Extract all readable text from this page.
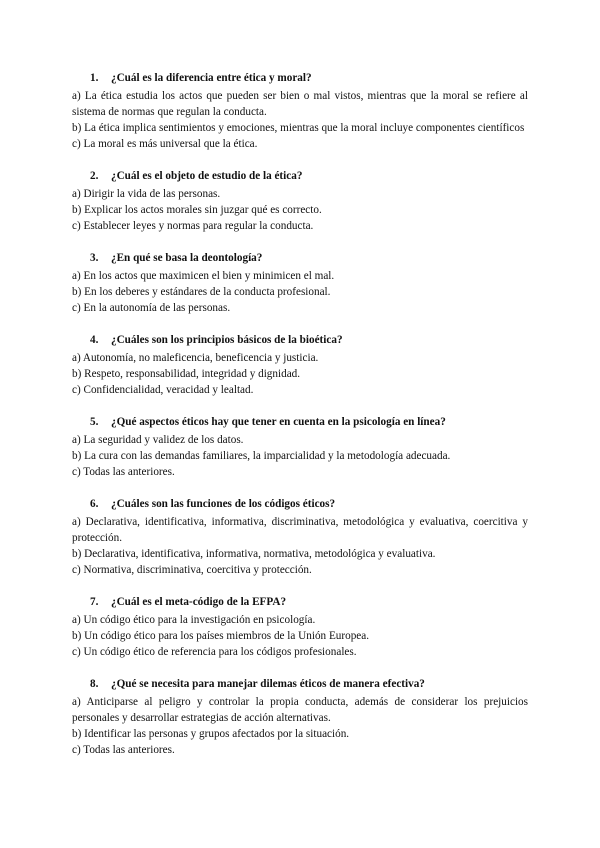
1. ¿Cuál es la diferencia entre ética y moral?
a) La ética estudia los actos que pueden ser bien o mal vistos, mientras que la moral se refiere al sistema de normas que regulan la conducta.
b) La ética implica sentimientos y emociones, mientras que la moral incluye componentes científicos
c) La moral es más universal que la ética.
2. ¿Cuál es el objeto de estudio de la ética?
a) Dirigir la vida de las personas.
b) Explicar los actos morales sin juzgar qué es correcto.
c) Establecer leyes y normas para regular la conducta.
3. ¿En qué se basa la deontología?
a) En los actos que maximicen el bien y minimicen el mal.
b) En los deberes y estándares de la conducta profesional.
c) En la autonomía de las personas.
4. ¿Cuáles son los principios básicos de la bioética?
a) Autonomía, no maleficencia, beneficencia y justicia.
b) Respeto, responsabilidad, integridad y dignidad.
c) Confidencialidad, veracidad y lealtad.
5. ¿Qué aspectos éticos hay que tener en cuenta en la psicología en línea?
a) La seguridad y validez de los datos.
b) La cura con las demandas familiares, la imparcialidad y la metodología adecuada.
c) Todas las anteriores.
6. ¿Cuáles son las funciones de los códigos éticos?
a) Declarativa, identificativa, informativa, discriminativa, metodológica y evaluativa, coercitiva y protección.
b) Declarativa, identificativa, informativa, normativa, metodológica y evaluativa.
c) Normativa, discriminativa, coercitiva y protección.
7. ¿Cuál es el meta-código de la EFPA?
a) Un código ético para la investigación en psicología.
b) Un código ético para los países miembros de la Unión Europea.
c) Un código ético de referencia para los códigos profesionales.
8. ¿Qué se necesita para manejar dilemas éticos de manera efectiva?
a) Anticiparse al peligro y controlar la propia conducta, además de considerar los prejuicios personales y desarrollar estrategias de acción alternativas.
b) Identificar las personas y grupos afectados por la situación.
c) Todas las anteriores.
